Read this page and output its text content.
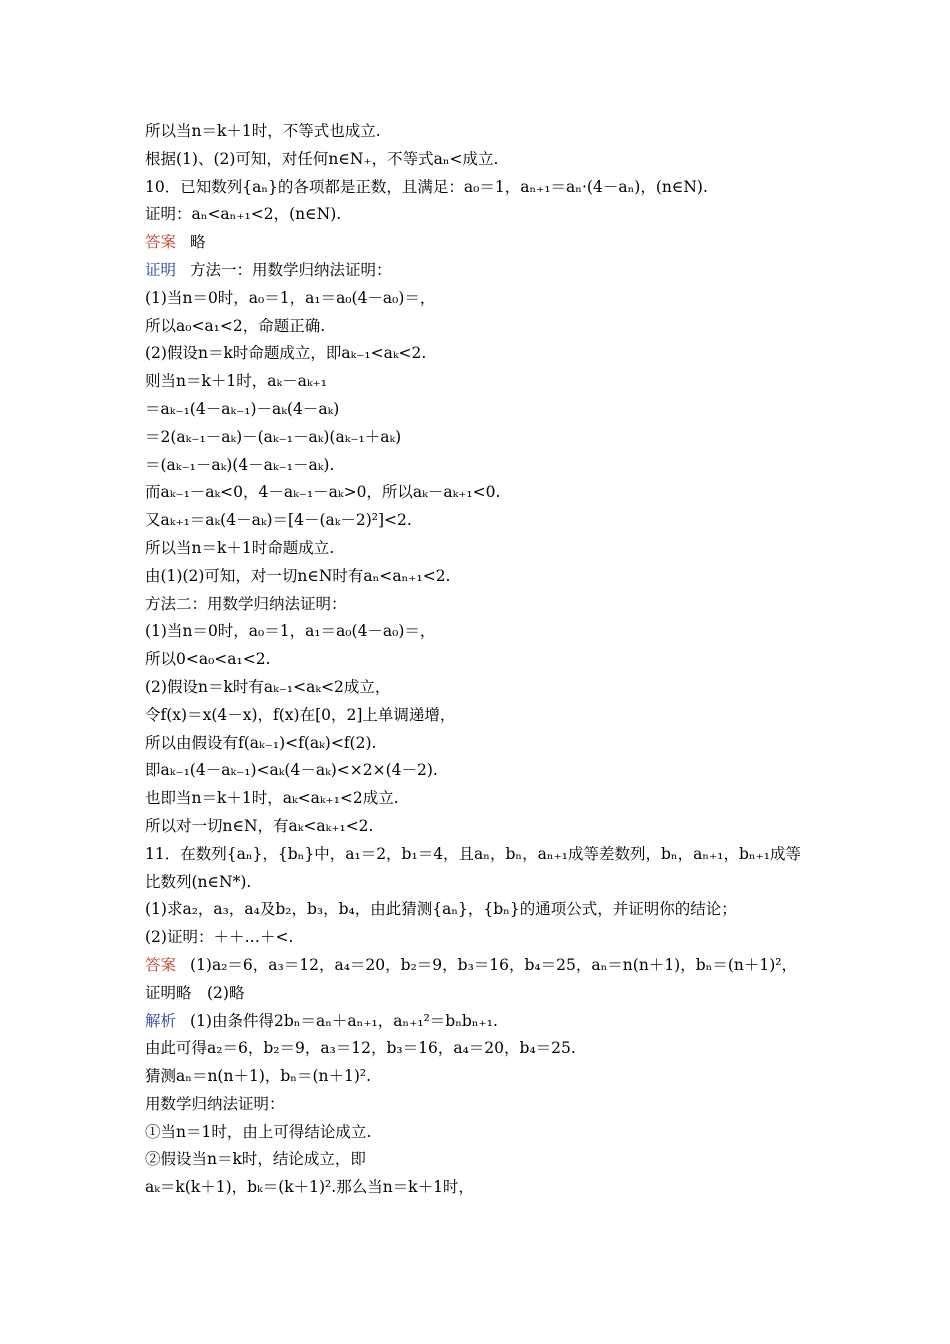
所以当n＝k＋1时，不等式也成立.
根据(1)、(2)可知，对任何n∈N₊，不等式aₙ<成立.
10．已知数列{aₙ}的各项都是正数，且满足：a₀＝1，aₙ₊₁＝aₙ·(4－aₙ)，(n∈N).
证明：aₙ<aₙ₊₁<2，(n∈N).
答案 略
证明 方法一：用数学归纳法证明：
(1)当n＝0时，a₀＝1，a₁＝a₀(4－a₀)＝，
所以a₀<a₁<2，命题正确.
(2)假设n＝k时命题成立，即aₖ₋₁<aₖ<2.
则当n＝k＋1时，aₖ－aₖ₊₁
＝aₖ₋₁(4－aₖ₋₁)－aₖ(4－aₖ)
＝2(aₖ₋₁－aₖ)－(aₖ₋₁－aₖ)(aₖ₋₁＋aₖ)
＝(aₖ₋₁－aₖ)(4－aₖ₋₁－aₖ).
而aₖ₋₁－aₖ<0，4－aₖ₋₁－aₖ>0，所以aₖ－aₖ₊₁<0.
又aₖ₊₁＝aₖ(4－aₖ)＝[4－(aₖ－2)²]<2.
所以当n＝k＋1时命题成立.
由(1)(2)可知，对一切n∈N时有aₙ<aₙ₊₁<2.
方法二：用数学归纳法证明：
(1)当n＝0时，a₀＝1，a₁＝a₀(4－a₀)＝，
所以0<a₀<a₁<2.
(2)假设n＝k时有aₖ₋₁<aₖ<2成立，
令f(x)＝x(4－x)，f(x)在[0，2]上单调递增，
所以由假设有f(aₖ₋₁)<f(aₖ)<f(2).
即aₖ₋₁(4－aₖ₋₁)<aₖ(4－aₖ)<×2×(4－2).
也即当n＝k＋1时，aₖ<aₖ₊₁<2成立.
所以对一切n∈N，有aₖ<aₖ₊₁<2.
11．在数列{aₙ}，{bₙ}中，a₁＝2，b₁＝4，且aₙ，bₙ，aₙ₊₁成等差数列，bₙ，aₙ₊₁，bₙ₊₁成等
比数列(n∈N*).
(1)求a₂，a₃，a₄及b₂，b₃，b₄，由此猜测{aₙ}，{bₙ}的通项公式，并证明你的结论；
(2)证明：＋＋…＋<.
答案 (1)a₂＝6，a₃＝12，a₄＝20，b₂＝9，b₃＝16，b₄＝25，aₙ＝n(n＋1)，bₙ＝(n＋1)²，
证明略　(2)略
解析 (1)由条件得2bₙ＝aₙ＋aₙ₊₁，aₙ₊₁²＝bₙbₙ₊₁.
由此可得a₂＝6，b₂＝9，a₃＝12，b₃＝16，a₄＝20，b₄＝25.
猜测aₙ＝n(n＋1)，bₙ＝(n＋1)².
用数学归纳法证明：
①当n＝1时，由上可得结论成立.
②假设当n＝k时，结论成立，即
aₖ＝k(k＋1)，bₖ＝(k＋1)².那么当n＝k＋1时，
